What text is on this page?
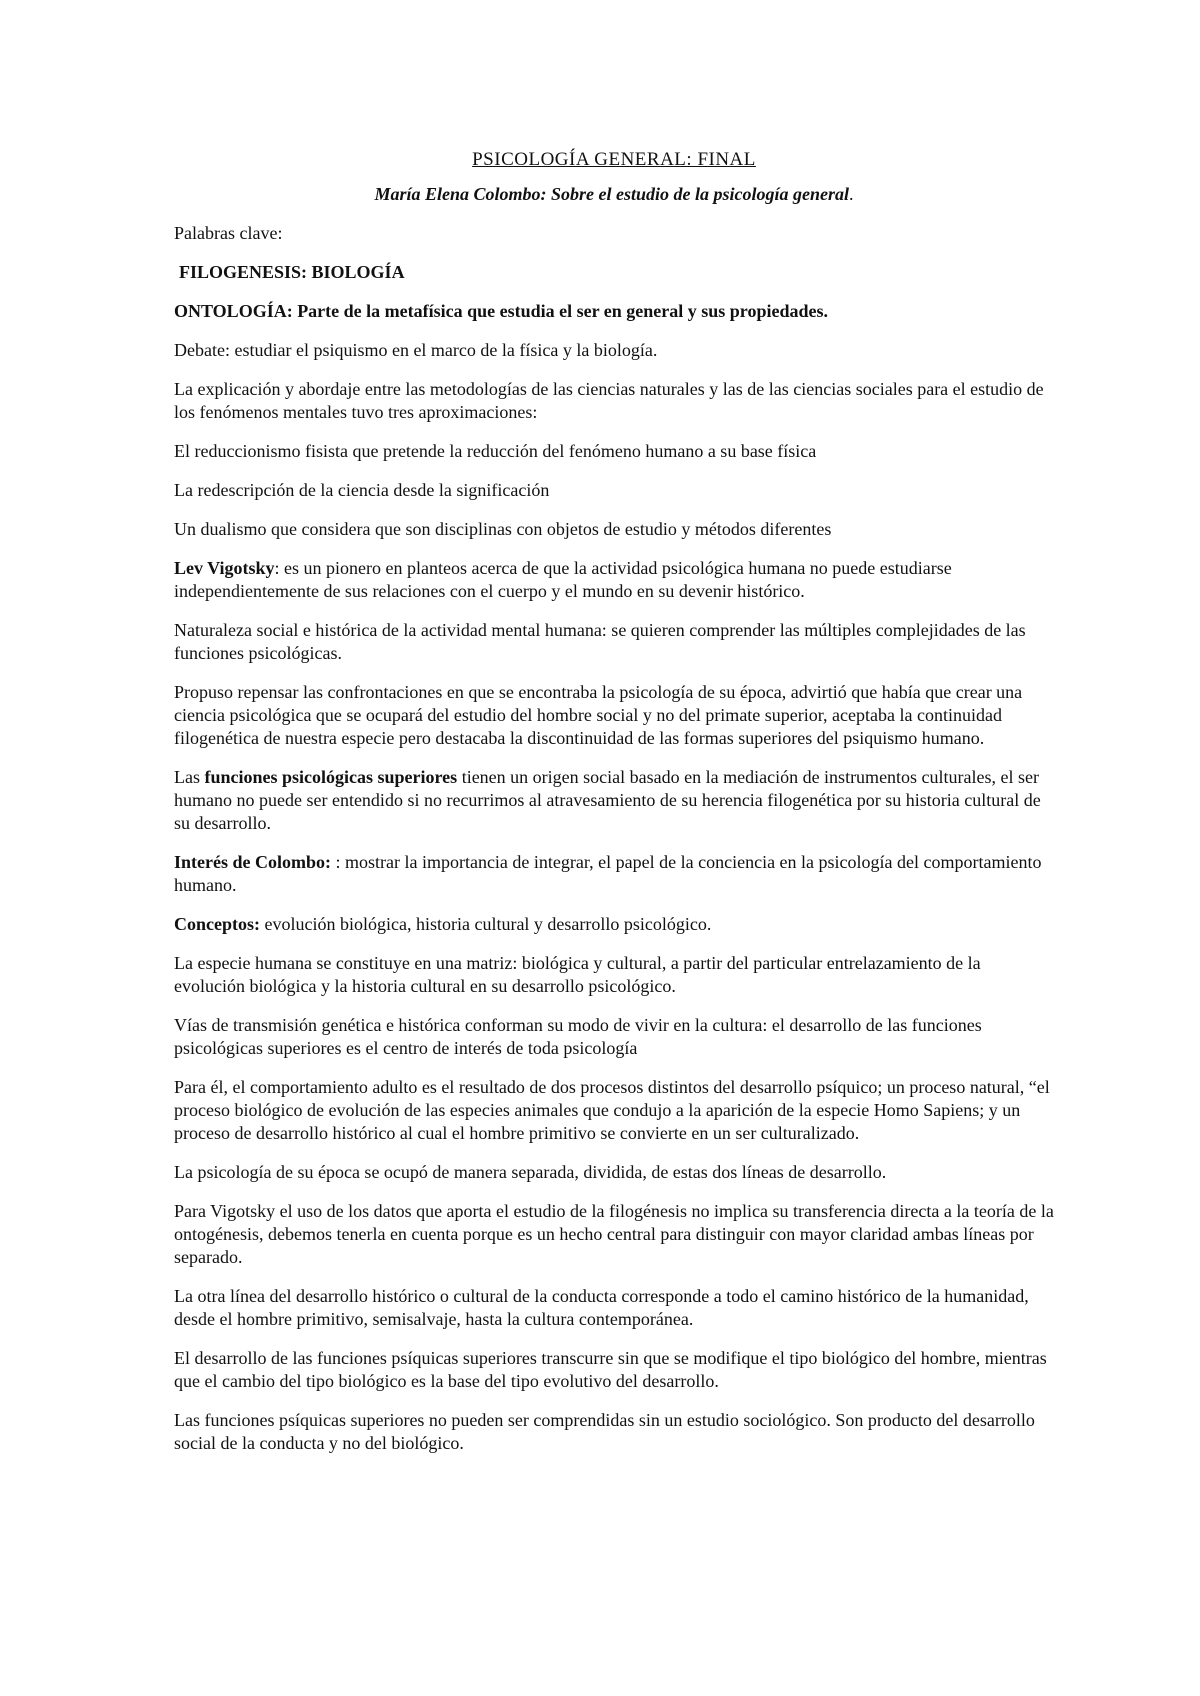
PSICOLOGÍA GENERAL: FINAL
María Elena Colombo: Sobre el estudio de la psicología general.

Palabras clave:

FILOGENESIS: BIOLOGÍA

ONTOLOGÍA: Parte de la metafísica que estudia el ser en general y sus propiedades.

Debate: estudiar el psiquismo en el marco de la física y la biología.

La explicación y abordaje entre las metodologías de las ciencias naturales y las de las ciencias sociales para el estudio de los fenómenos mentales tuvo tres aproximaciones:

El reduccionismo fisista que pretende la reducción del fenómeno humano a su base física

La redescripción de la ciencia desde la significación

Un dualismo que considera que son disciplinas con objetos de estudio y métodos diferentes

Lev Vigotsky: es un pionero en planteos acerca de que la actividad psicológica humana no puede estudiarse independientemente de sus relaciones con el cuerpo y el mundo en su devenir histórico.

Naturaleza social e histórica de la actividad mental humana: se quieren comprender las múltiples complejidades de las funciones psicológicas.

Propuso repensar las confrontaciones en que se encontraba la psicología de su época, advirtió que había que crear una ciencia psicológica que se ocupará del estudio del hombre social y no del primate superior, aceptaba la continuidad filogenética de nuestra especie pero destacaba la discontinuidad de las formas superiores del psiquismo humano.

Las funciones psicológicas superiores tienen un origen social basado en la mediación de instrumentos culturales, el ser humano no puede ser entendido si no recurrimos al atravesamiento de su herencia filogenética por su historia cultural de su desarrollo.

Interés de Colombo: : mostrar la importancia de integrar, el papel de la conciencia en la psicología del comportamiento humano.

Conceptos: evolución biológica, historia cultural y desarrollo psicológico.

La especie humana se constituye en una matriz: biológica y cultural, a partir del particular entrelazamiento de la evolución biológica y la historia cultural en su desarrollo psicológico.

Vías de transmisión genética e histórica conforman su modo de vivir en la cultura: el desarrollo de las funciones psicológicas superiores es el centro de interés de toda psicología

Para él, el comportamiento adulto es el resultado de dos procesos distintos del desarrollo psíquico; un proceso natural, “el proceso biológico de evolución de las especies animales que condujo a la aparición de la especie Homo Sapiens; y un proceso de desarrollo histórico al cual el hombre primitivo se convierte en un ser culturalizado.

La psicología de su época se ocupó de manera separada, dividida, de estas dos líneas de desarrollo.

Para Vigotsky el uso de los datos que aporta el estudio de la filogénesis no implica su transferencia directa a la teoría de la ontogénesis, debemos tenerla en cuenta porque es un hecho central para distinguir con mayor claridad ambas líneas por separado.

La otra línea del desarrollo histórico o cultural de la conducta corresponde a todo el camino histórico de la humanidad, desde el hombre primitivo, semisalvaje, hasta la cultura contemporánea.

El desarrollo de las funciones psíquicas superiores transcurre sin que se modifique el tipo biológico del hombre, mientras que el cambio del tipo biológico es la base del tipo evolutivo del desarrollo.

Las funciones psíquicas superiores no pueden ser comprendidas sin un estudio sociológico. Son producto del desarrollo social de la conducta y no del biológico.
